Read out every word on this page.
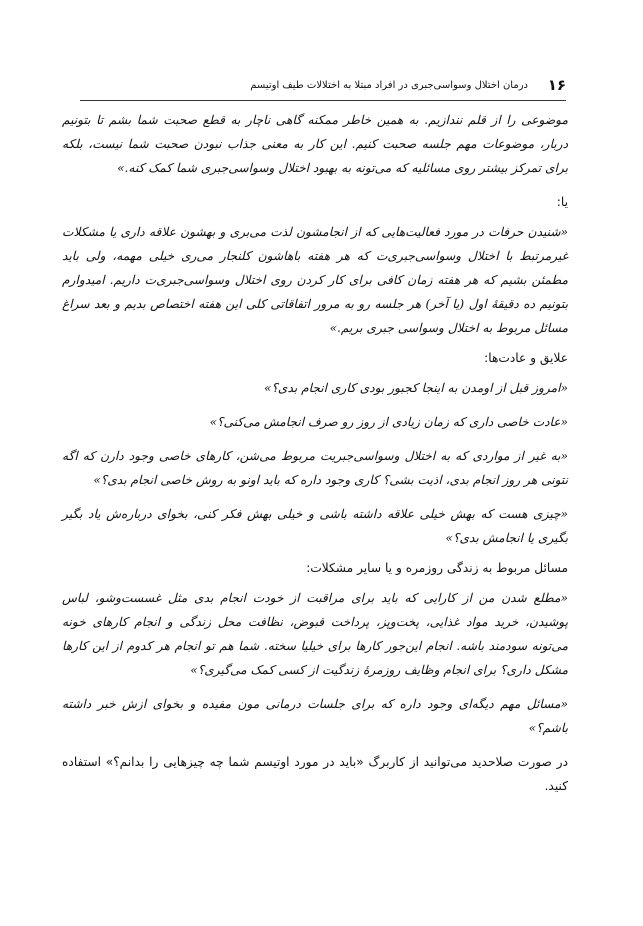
۱۶
درمان اختلال وسواسی‌جبری در افراد مبتلا به اختلالات طیف اوتیسم

موضوعی را از قلم نندازیم. به همین خاطر ممکنه گاهی ناچار به قطع صحبت شما بشم تا بتونیم دربار، موضوعات مهم جلسه صحبت کنیم. این کار به معنی جذاب نبودن صحبت شما نیست، بلکه برای تمرکز بیشتر روی مسائلیه که می‌تونه به بهبود اختلال وسواسی‌جبری شما کمک کنه.»

یا:

«شنیدن حرفات در مورد فعالیت‌هایی که از انجامشون لذت می‌بری و بهشون علاقه داری یا مشکلات غیرمرتبط با اختلال وسواسی‌جبری‌ت که هر هفته باهاشون کلنجار می‌ری خیلی مهمه، ولی باید مطمئن بشیم که هر هفته زمان کافی برای کار کردن روی اختلال وسواسی‌جبری‌ت داریم. امیدوارم بتونیم ده دقیقهٔ اول (یا آخر) هر جلسه رو به مرور اتفاقاتی کلی این هفته اختصاص بدیم و بعد سراغ مسائل مربوط به اختلال وسواسی جبری بریم.»

علایق و عادت‌ها:

«امروز قبل از اومدن به اینجا کجبور بودی کاری انجام بدی؟»

«عادت خاصی داری که زمان زیادی از روز رو صرف انجامش می‌کنی؟»

«به غیر از مواردی که به اختلال وسواسی‌جبریت مربوط می‌شن، کارهای خاصی وجود دارن که اگه نتونی هر روز انجام بدی، اذیت بشی؟ کاری وجود داره که باید اونو به روش خاصی انجام بدی؟»

«چیزی هست که بهش خیلی علاقه داشته باشی و خیلی بهش فکر کنی، بخوای درباره‌ش یاد بگیر بگیری یا انجامش بدی؟»

مسائل مربوط به زندگی روزمره و یا سایر مشکلات:

«مطلع شدن من از کارایی که باید برای مراقبت از خودت انجام بدی مثل غسست‌وشو، لباس پوشیدن، خرید مواد غذایی، پخت‌وپز، پرداخت قبوض، نظافت محل زندگی و انجام کارهای خونه می‌تونه سودمند باشه. انجام این‌جور کارها برای خیلیا سخته. شما هم تو انجام هر کدوم از این کارها مشکل داری؟ برای انجام وظایف روزمرهٔ زندگیت از کسی کمک می‌گیری؟»

«مسائل مهم دیگه‌ای وجود داره که برای جلسات درمانی مون مفیده و بخوای ازش خبر داشته باشم؟»

در صورت صلاحدید می‌توانید از کاربرگ «باید در مورد اوتیسم شما چه چیزهایی را بدانم؟» استفاده کنید.
